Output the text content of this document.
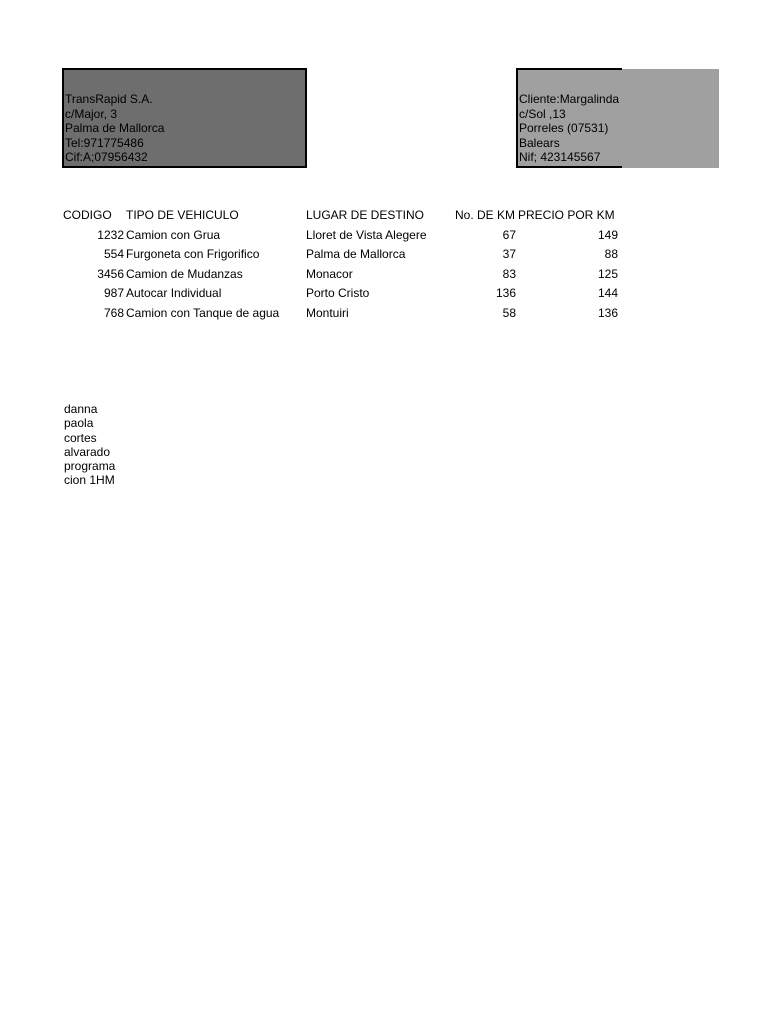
TransRapid S.A.
c/Major, 3
Palma de Mallorca
Tel:971775486
Cif:A;07956432
Cliente:Margalinda
c/Sol ,13
Porreles (07531)
Balears
Nif; 423145567
CODIGO	TIPO DE VEHICULO	LUGAR DE DESTINO	No. DE KM	PRECIO POR KM
1232	Camion con Grua	Lloret de Vista Alegere	67	149
554	Furgoneta con Frigorifico	Palma de Mallorca	37	88
3456	Camion de Mudanzas	Monacor	83	125
987	Autocar Individual	Porto Cristo	136	144
768	Camion con Tanque de agua	Montuiri	58	136
danna
paola
cortes
alvarado
programa
cion 1HM
